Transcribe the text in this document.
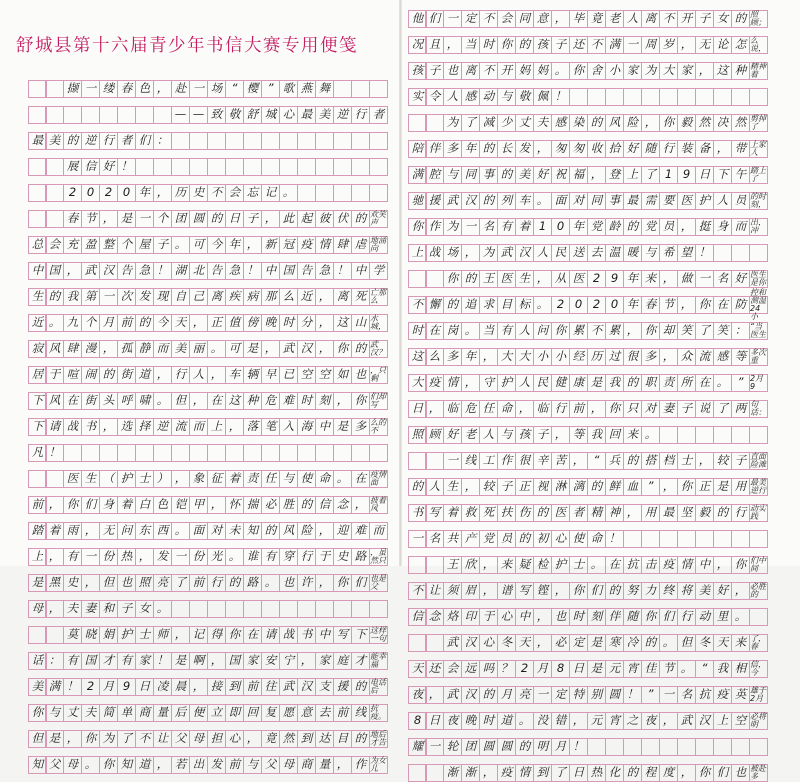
舒城县第十六届青少年书信大赛专用便笺
撷 一 缕 春 色 ， 赴 一 场 “ 樱 ” 歌 燕 舞
— — 致 敬 舒 城 心 最 美 逆 行 者
最 美 的 逆 行 者 们 ：
展 信 好 ！
2 0 2 0 年 ， 历 史 不 会 忘 记 。
春 节 ， 是 一 个 团 圆 的 日 子 ， 此 起 彼 伏 的 欢笑声
总 会 充 盈 整 个 屋 子 。 可 今 年 ， 新 冠 疫 情 肆 虐 地涌向
中 国 ， 武 汉 告 急 ！ 湖 北 告 急 ！ 中 国 告 急 ！ 中 学
生 的 我 第 一 次 发 现 自 己 离 疾 病 那 么 近 ， 离 死 亡那么
近 。 九 个 月 前 的 今 天 ， 正 值 傍 晚 时 分 ， 这 山 水城，
寂 风 肆 漫 ， 孤 静 而 美 丽 。 可 是 ， 武 汉 ， 你 的 武汉？
居 于 喧 闹 的 街 道 ， 行 人 ， 车 辆 早 已 空 空 如 也 ，只剩
下 风 在 街 头 呼 啸 。 但 ， 在 这 种 危 难 时 刻 ， 你 们却写
下 请 战 书 ， 选 择 逆 流 而 上 ， 落 笔 入 海 中 是 多 么的不
凡 ！
医 生 （ 护 士 ） ， 象 征 着 责 任 与 使 命 。 在 疫情面
前 ， 你 们 身 着 白 色 铠 甲 ， 怀 揣 必 胜 的 信 念 ， 披着风
踏 着 雨 ， 无 问 东 西 。 面 对 未 知 的 风 险 ， 迎 难 而
上 ， 有 一 份 热 ， 发 一 份 光 。 谁 有 穿 行 于 史 路 ，虽然只
是 黑 史 ， 但 也 照 亮 了 前 行 的 路 。 也 许 ， 你 们 也是父
母 ， 夫 妻 和 子 女 。
莫 晓 娟 护 士 师 ， 记 得 你 在 请 战 书 中 写 下 这样一句
话 ： 有 国 才 有 家 ！ 是 啊 ， 国 家 安 宁 ， 家 庭 才 能幸福
美 满 ！ 2 月 9 日 凌 晨 ， 接 到 前 往 武 汉 支 援 的 电话后
你 与 丈 夫 简 单 商 量 后 便 立 即 回 复 愿 意 去 前 线 抗疫。
但 是 ， 你 为 了 不 让 父 母 担 心 ， 竟 然 到 达 目 的 地后才告
知 父 母 。 你 知 道 ， 若 出 发 前 与 父 母 商 量 ， 作 为女儿
他 们 一 定 不 会 同 意 ， 毕 竟 老 人 离 不 开 子 女 的 照顾；
况 且 ， 当 时 你 的 孩 子 还 不 满 一 周 岁 ， 无 论 怎 么说，
孩 子 也 离 不 开 妈 妈 。 你 舍 小 家 为 大 家 ， 这 种 精神着
实 令 人 感 动 与 敬 佩 ！
为 了 减 少 丈 夫 感 染 的 风 险 ， 你 毅 然 决 然 剪掉了
陪 伴 多 年 的 长 发 ， 匆 匆 收 拾 好 随 行 装 备 ， 带 上家人
满 腔 与 同 事 的 美 好 祝 福 ， 登 上 了 1 9 日 下 午 踏上了
驰 援 武 汉 的 列 车 。 面 对 同 事 最 需 要 医 护 人 员 的时刻，
你 作 为 一 名 有 着 1 0 年 党 龄 的 党 员 ， 挺 身 而 出，冲
上 战 场 ， 为 武 汉 人 民 送 去 温 暖 与 希 望 ！
你 的 王 医 生 ， 从 医 2 9 年 来 ， 做 一 名 好 医生是你
不 懈 的 追 求 目 标 。 2 0 2 0 年 春 节 ， 你 在 防
控和测温24小
时 在 岗 。 当 有 人 问 你 累 不 累 ， 你 却 笑 了 笑 ： “当医生
这 么 多 年 ， 大 大 小 小 经 历 过 很 多 ， 众 流 感 等 多次重
大 疫 情 ， 守 护 人 民 健 康 是 我 的 职 责 所 在 。 ” 2月9
日 ， 临 危 任 命 ， 临 行 前 ， 你 只 对 妻 子 说 了 两 句话：
照 顾 好 老 人 与 孩 子 ， 等 我 回 来 。
一 线 工 作 很 辛 苦 ， “ 兵 的 搭 档 士 ， 较 子 直面险滩
的 人 生 ， 较 子 正 视 淋 漓 的 鲜 血 ” ， 你 正 是 用 最美逆行
书 写 着 救 死 扶 伤 的 医 者 精 神 ， 用 最 坚 毅 的 行 动实践
一 名 共 产 党 员 的 初 心 使 命 ！
王 欣 ， 来 疑 检 护 士 。 在 抗 击 疫 情 中 ， 你 们中间
不 让 须 眉 ， 谱 写 铿 ， 你 们 的 努 力 终 将 美 好 ， 必胜的
信 念 烙 印 于 心 中 ， 也 时 刻 伴 随 你 们 行 动 里 。
武 汉 心 冬 天 ， 必 定 是 寒 冷 的 。 但 冬 天 来 了，春
天 还 会 远 吗 ？ 2 月 8 日 是 元 宵 佳 节 。 “ 我 相 信，今
夜 ， 武 汉 的 月 亮 一 定 特 别 圆 ！ ” 一 名 抗 疫 英 雄于2月
8 日 夜 晚 时 道 。 没 错 ， 元 宵 之 夜 ， 武 汉 上 空 必将明
耀 一 轮 团 圆 圆 的 明 月 ！
渐 渐 ， 疫 情 到 了 日 热 化 的 程 度 ， 你 们 也 被赴多
